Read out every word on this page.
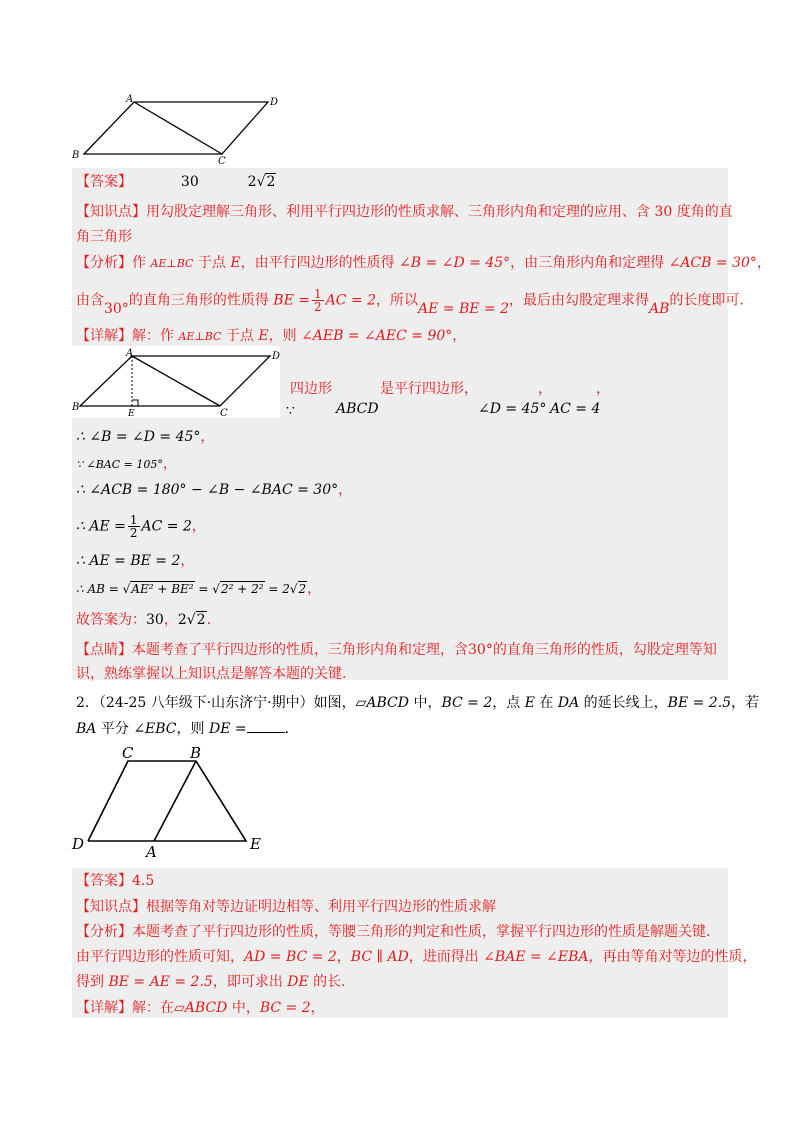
A	D
B
C
【答案】	30	2√2
【知识点】用勾股定理解三角形、利用平行四边形的性质求解、三角形内角和定理的应用、含 30 度角的直
角三角形
【分析】作 AE⊥BC 于点 E，由平行四边形的性质得 ∠B = ∠D = 45°，由三角形内角和定理得 ∠ACB = 30°，
由含30°的直角三角形的性质得 BE = $\frac{1}{2}$ AC = 2，所以AE = BE = 2，最后由勾股定理求得AB的长度即可.
【详解】解：作 AE⊥BC 于点 E，则 ∠AEB = ∠AEC = 90°，
A	D
B
E	C
四边形	是平行四边形，	，	，
∵	ABCD	∠D = 45° AC = 4
∴ ∠B = ∠D = 45°，
∵ ∠BAC = 105°，
∴ ∠ACB = 180° − ∠B − ∠BAC = 30°，
∴ AE = $\frac{1}{2}$ AC = 2，
∴ AE = BE = 2，
∴ AB = √AE² + BE² = √2² + 2² = 2√2，
故答案为：30，2√2.
【点睛】本题考查了平行四边形的性质，三角形内角和定理，含30°的直角三角形的性质，勾股定理等知
识，熟练掌握以上知识点是解答本题的关键.
2．（24-25 八年级下·山东济宁·期中）如图，▱ABCD 中，BC = 2，点 E 在 DA 的延长线上，BE = 2.5，若
BA 平分 ∠EBC，则 DE =	.
C	B
D	A	E
【答案】4.5
【知识点】根据等角对等边证明边相等、利用平行四边形的性质求解
【分析】本题考查了平行四边形的性质，等腰三角形的判定和性质，掌握平行四边形的性质是解题关键.
由平行四边形的性质可知，AD = BC = 2，BC ∥ AD，进而得出 ∠BAE = ∠EBA，再由等角对等边的性质，
得到 BE = AE = 2.5，即可求出 DE 的长.
【详解】解：在▱ABCD 中，BC = 2，
